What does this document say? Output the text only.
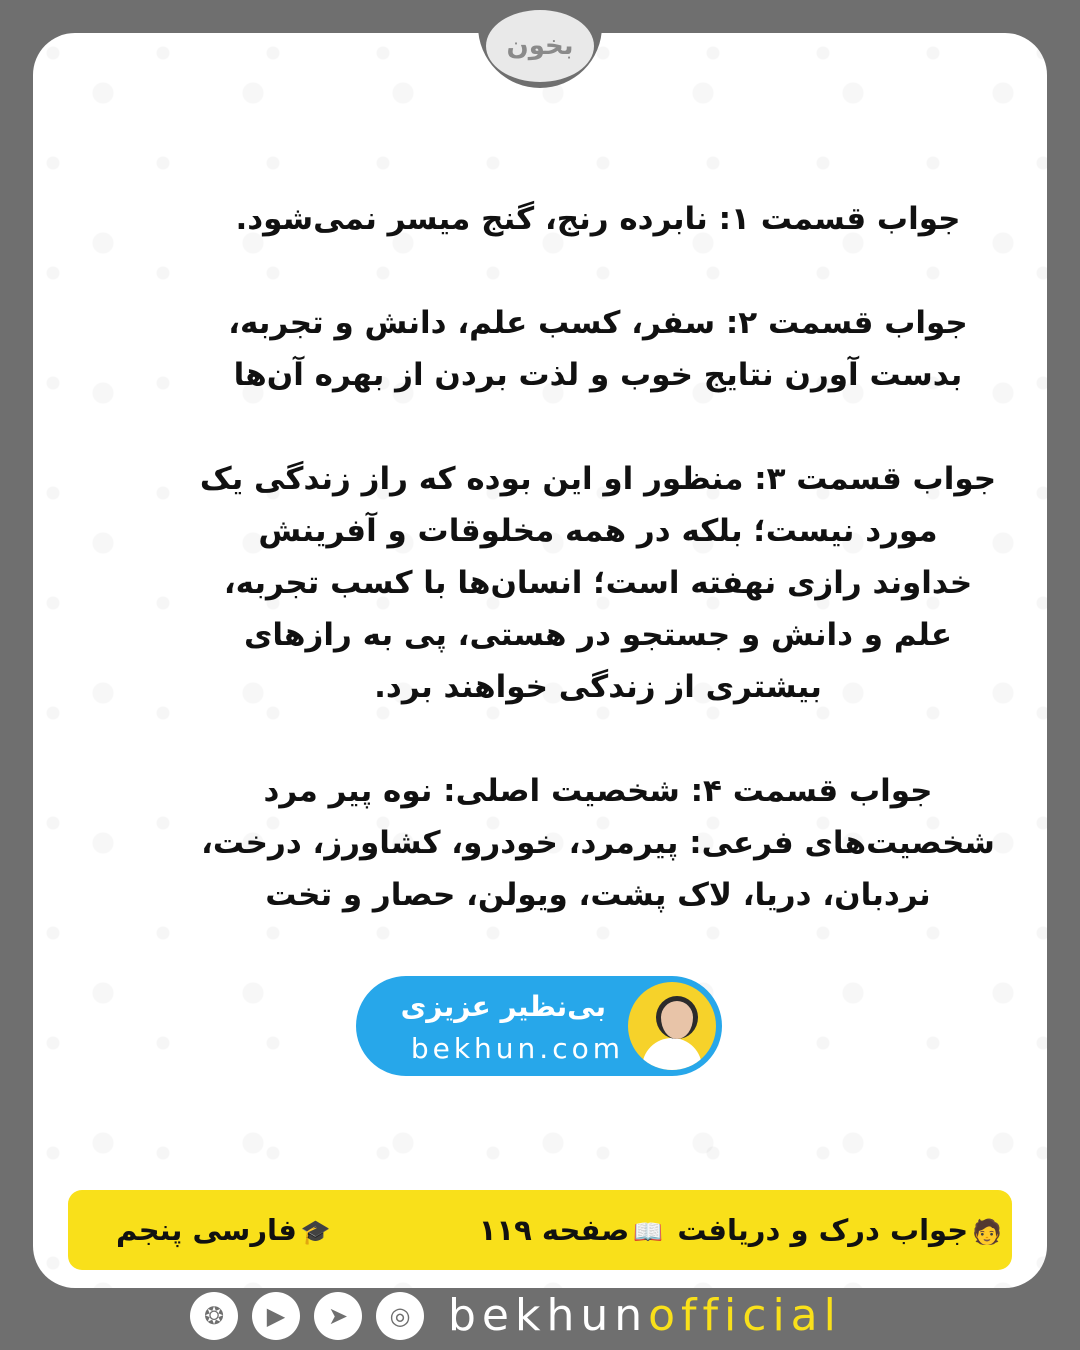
جواب قسمت ۱: نابرده رنج، گنج میسر نمی‌شود.
جواب قسمت ۲: سفر، کسب علم، دانش و تجربه،
بدست آورن نتایج خوب و لذت بردن از بهره آن‌ها
جواب قسمت ۳: منظور او این بوده که راز زندگی یک
مورد نیست؛ بلکه در همه مخلوقات و آفرینش
خداوند رازی نهفته است؛ انسان‌ها با کسب تجربه،
علم و دانش و جستجو در هستی، پی به رازهای
بیشتری از زندگی خواهند برد.
جواب قسمت ۴: شخصیت اصلی: نوه پیر مرد
شخصیت‌های فرعی: پیرمرد، خودرو، کشاورز، درخت،
نردبان، دریا، لاک پشت، ویولن، حصار و تخت
بخون
بی‌نظیر عزیزی
bekhun.com
🧑جواب درک و دریافت 📖صفحه ۱۱۹
🎓فارسی پنجم
❂	▶	➤	◎ bekhunofficial
